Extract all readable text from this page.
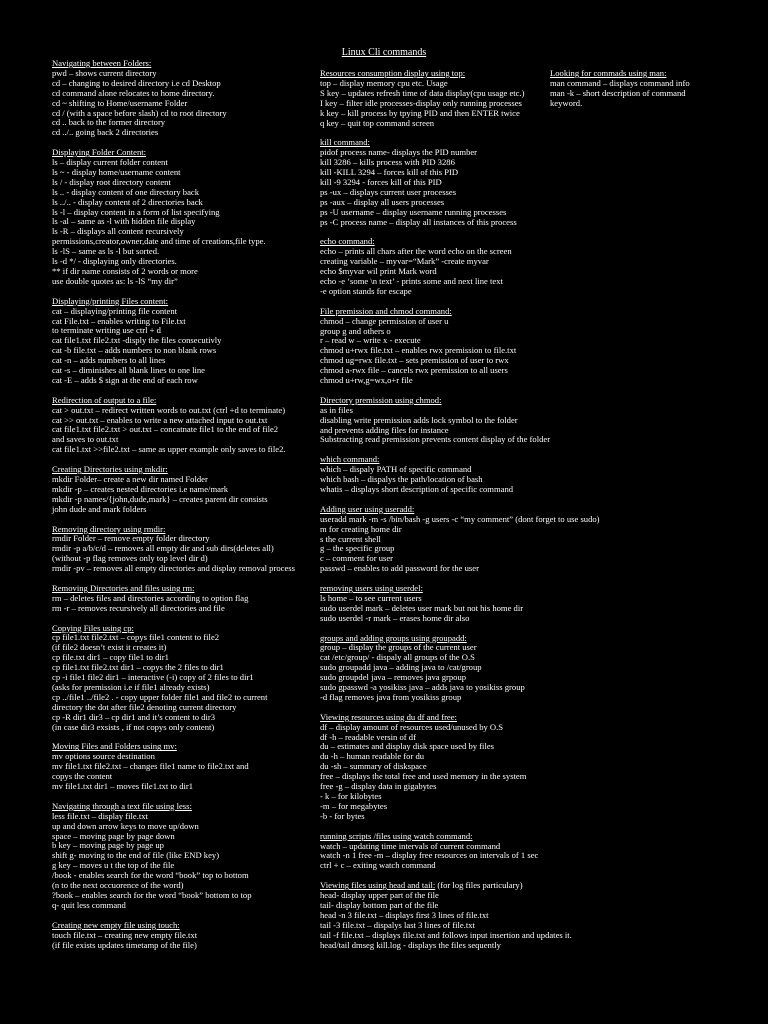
Linux Cli commands
Navigating between Folders:
pwd – shows current directory
cd – changing to desired directory i.e cd Desktop
cd command alone relocates to home directory.
cd ~ shifting to Home/username Folder
cd / (with a space before slash) cd to root directory
cd .. back to the former directory
cd ../.. going back 2 directories
Displaying Folder Content:
ls – display current folder content
ls ~ - display home/username content
ls / - display root directory content
ls .. - display content of one directory back
ls ../.. - display content of 2 directories back
ls -l – display content in a form of list specifying
ls -al – same as -l with hidden file display
ls -R – displays all content recursively
permissions,creator,owner,date and time of creations,file type.
ls -lS – same as ls -l but sorted.
ls -d */ - displaying only directories.
** if dir name consists of 2 words or more
use double quotes as: ls -lS “my dir”
Displaying/printing Files content:
cat – displaying/printing file content
cat File.txt – enables writing to File.txt
to terminate writing use ctrl + d
cat file1.txt file2.txt -disply the files consecutivly
cat -b file.txt – adds numbers to non blank rows
cat -n – adds numbers to all lines
cat -s – diminishes all blank lines to one line
cat -E – adds $ sign at the end of each row
Redirection of output to a file:
cat > out.txt – redirect written words to out.txt (ctrl +d to terminate)
cat >> out.txt – enables to write a new attached input to out.txt
cat file1.txt file2.txt > out.txt – concatnate file1 to the end of file2
and saves to out.txt
cat file1.txt >>file2.txt – same as upper example only saves to file2.
Creating Directories using mkdir:
mkdir Folder– create a new dir named Folder
mkdir -p – creates nested directories i.e name/mark
mkdir -p names/{john,dude,mark} – creates parent dir consists
john dude and mark folders
Removing directory using rmdir:
rmdir Folder – remove empty folder directory
rmdir -p a/b/c/d – removes all empty dir and sub dirs(deletes all)
(without -p flag removes only top level dir d)
rmdir -pv – removes all empty directories and display removal process
Removing Directories and files using rm:
rm – deletes files and directories according to option flag
rm -r – removes recursively all directories and file
Copying Files using cp:
cp file1.txt file2.txt – copys file1 content to file2
(if file2 doesn’t exist it creates it)
cp file.txt dir1 – copy file1 to dir1
cp file1.txt file2.txt dir1 – copys the 2 files to dir1
cp -i file1 file2 dir1 – interactive (-i) copy of 2 files to dir1
(asks for premission i.e if file1 already exists)
cp ../file1 ../file2 . - copy upper folder file1 and file2 to current
directory the dot after file2 denoting current directory
cp -R dir1 dir3 – cp dir1 and it’s content to dir3
(in case dir3 exsists , if not copys only content)
Moving Files and Folders using mv:
mv options source destination
mv file1.txt file2.txt – changes file1 name to file2.txt and
copys the content
mv file1.txt dir1 – moves file1.txt to dir1
Navigating through a text file using less:
less file.txt – display file.txt
up and down arrow keys to move up/down
space – moving page by page down
b key – moving page by page up
shift g- moving to the end of file (like END key)
g key – moves u t the top of the file
/book - enables search for the word “book” top to bottom
(n to the next occuorence of the word)
?book – enables search for the word “book” bottom to top
q- quit less command
Creating new empty file using touch:
touch file.txt – creating new empty file.txt
(if file exists updates timetamp of the file)
Resources consumption display using top:
top – display memory cpu etc. Usage
S key – updates refresh time of data display(cpu usage etc.)
I key – filter idle processes-display only running processes
k key – kill process by tpying PID and then ENTER twice
q key – quit top command screen
kill command:
pidof process name- displays the PID number
kill 3286 – kills process with PID 3286
kill -KILL 3294 – forces kill of this PID
kill -9 3294 - forces kill of this PID
ps -ux – displays current user processes
ps -aux – display all users processes
ps -U username – display username running processes
ps -C process name – display all instances of this process
echo command:
echo – prints all chars after the word echo on the screen
creating variable – myvar=“Mark” -create myvar
echo $myvar wil print Mark word
echo -e ‘some \n text’ - prints some and next line text
-e option stands for escape
File premission and chmod command:
chmod – change permission of user u
group g and others o
r – read w – write x - execute
chmod u+rwx file.txt – enables rwx premission to file.txt
chmod ug=rwx file.txt – sets premission of user to rwx
chmod a-rwx file – cancels rwx premission to all users
chmod u+rw,g=wx,o+r file
Directory premission using chmod:
as in files
disabling write premission adds lock symbol to the folder
and prevents adding files for instance
Substracting read premission prevents content display of the folder
which command:
which – dispaly PATH of specific command
which bash – dispalys the path/location of bash
whatis – displays short description of specific command
Adding user using useradd:
useradd mark -m -s /bin/bash -g users -c “my comment” (dont forget to use sudo)
m for creating home dir
s the current shell
g – the specific group
c – comment for user
passwd – enables to add password for the user
removing users using userdel:
ls home – to see current users
sudo userdel mark – deletes user mark but not his home dir
sudo userdel -r mark – erases home dir also
groups and adding groups using groupadd:
group – display the groups of the current user
cat /etc/group/ - dispaly all groups of the O.S
sudo groupadd java – adding java to /cat/group
sudo groupdel java – removes java grpoup
sudo gpasswd -a yosikiss java – adds java to yosikiss group
-d flag removes java from yosikiss group
Viewing resources using du df and free:
df – display amount of resources used/unused by O.S
df -h – readable versin of df
du – estimates and display disk space used by files
du -h – human readable for du
du -sh – summary of diskspace
free – displays the total free and used memory in the system
free -g – display data in gigabytes
- k – for kilobytes
-m – for megabytes
-b - for bytes
running scripts /files using watch command:
watch – updating time intervals of current command
watch -n 1 free -m – display free resources on intervals of 1 sec
ctrl + c – exiting watch command
Viewing files using head and tail: (for log files particulary)
head- display upper part of the file
tail- display bottom part of the file
head -n 3 file.txt – displays first 3 lines of file.txt
tail -3 file.txt – dispalys last 3 lines of file.txt
tail -f file.txt – displays file.txt and follows input insertion and updates it.
head/tail dmseg kill.log - displays the files sequently
Looking for commads using man:
man command – displays command info
man -k – short description of command
keyword.
